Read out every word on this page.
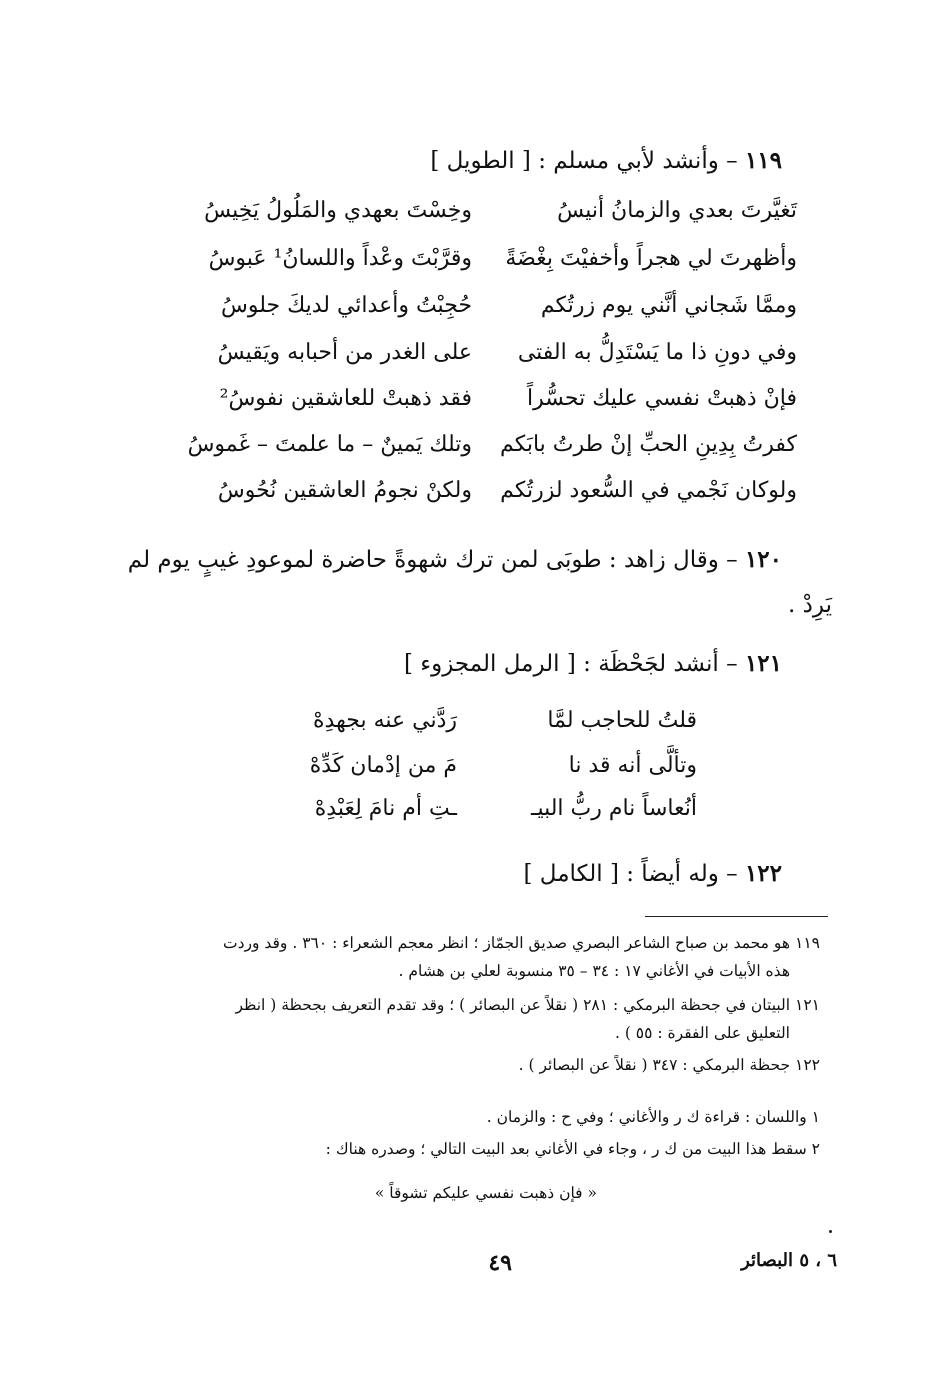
١١٩ – وأنشد لأبي مسلم : [ الطويل ]
تَغيَّرتَ بعدي والزمانُ أنيسُ
وخِسْتَ بعهدي والمَلُولُ يَخِيسُ
وأظهرتَ لي هجراً وأخفيْتَ بِغْضَةً
وقرَّبْتَ وعْداً واللسانُ¹ عَبوسُ
وممَّا شَجاني أنَّني يوم زرتُكم
حُجِبْتُ وأعدائي لديكَ جلوسُ
وفي دونِ ذا ما يَسْتَدِلُّ به الفتى
على الغدر من أحبابه ويَقيسُ
فإنْ ذهبتْ نفسي عليك تحسُّراً
فقد ذهبتْ للعاشقين نفوسُ²
كفرتُ بِدِينِ الحبِّ إنْ طرتُ بابَكم
وتلك يَمينٌ – ما علمتَ – غَموسُ
ولوكان نَجْمي في السُّعود لزرتُكم
ولكنْ نجومُ العاشقين نُحُوسُ
١٢٠ – وقال زاهد : طوبَى لمن ترك شهوةً حاضرة لموعودِ غيبٍ يوم لم
يَرِدْ .
١٢١ – أنشد لجَحْظَة : [ الرمل المجزوء ]
قلتُ للحاجب لمَّا
رَدَّني عنه بجهدِهْ
وتألَّى أنه قد نا
مَ من إدْمان كَدِّهْ
أنُعاساً نام ربُّ البيـ
ـتِ أم نامَ لِعَبْدِهْ
١٢٢ – وله أيضاً : [ الكامل ]
١١٩ هو محمد بن صباح الشاعر البصري صديق الجمّاز ؛ انظر معجم الشعراء : ٣٦٠ . وقد وردت
هذه الأبيات في الأغاني ١٧ : ٣٤ – ٣٥ منسوبة لعلي بن هشام .
١٢١ البيتان في جحظة البرمكي : ٢٨١ ( نقلاً عن البصائر ) ؛ وقد تقدم التعريف بجحظة ( انظر
التعليق على الفقرة : ٥٥ ) .
١٢٢ جحظة البرمكي : ٣٤٧ ( نقلاً عن البصائر ) .
١ واللسان : قراءة ك ر والأغاني ؛ وفي ح : والزمان .
٢ سقط هذا البيت من ك ر ، وجاء في الأغاني بعد البيت التالي ؛ وصدره هناك :
« فإن ذهبت نفسي عليكم تشوقاً »
٦ ، ٥ البصائر
٤٩
